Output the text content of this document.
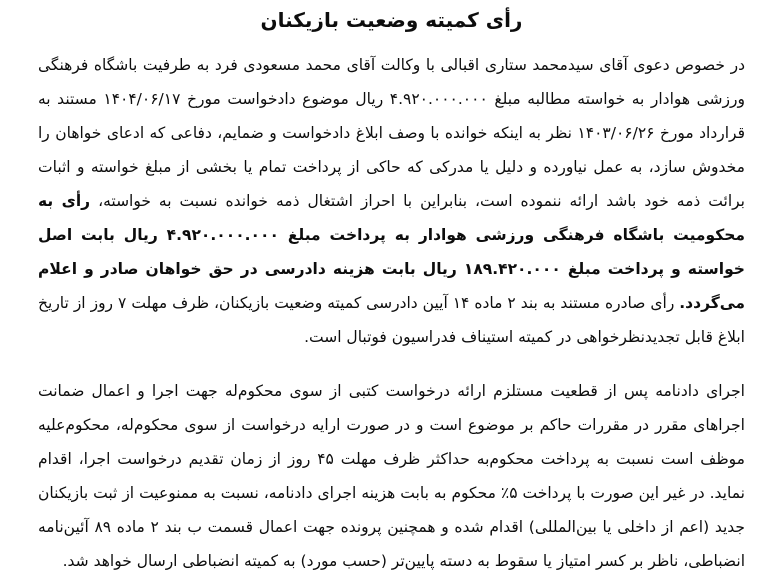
رأی کمیته وضعیت بازیکنان

در خصوص دعوی آقای سیدمحمد ستاری اقبالی با وکالت آقای محمد مسعودی فرد به طرفیت باشگاه فرهنگی ورزشی هوادار به خواسته مطالبه مبلغ ۴.۹۲۰.۰۰۰.۰۰۰ ریال موضوع دادخواست مورخ ۱۴۰۴/۰۶/۱۷ مستند به قرارداد مورخ ۱۴۰۳/۰۶/۲۶ نظر به اینکه خوانده با وصف ابلاغ دادخواست و ضمایم، دفاعی که ادعای خواهان را مخدوش سازد، به عمل نیاورده و دلیل یا مدرکی که حاکی از پرداخت تمام یا بخشی از مبلغ خواسته و اثبات برائت ذمه خود باشد ارائه ننموده است، بنابراین با احراز اشتغال ذمه خوانده نسبت به خواسته، رأی به محکومیت باشگاه فرهنگی ورزشی هوادار به پرداخت مبلغ ۴.۹۲۰.۰۰۰.۰۰۰ ریال بابت اصل خواسته و پرداخت مبلغ ۱۸۹.۴۲۰.۰۰۰ ریال بابت هزینه دادرسی در حق خواهان صادر و اعلام می‌گردد. رأی صادره مستند به بند ۲ ماده ۱۴ آیین دادرسی کمیته وضعیت بازیکنان، ظرف مهلت ۷ روز از تاریخ ابلاغ قابل تجدیدنظرخواهی در کمیته استیناف فدراسیون فوتبال است.

اجرای دادنامه پس از قطعیت مستلزم ارائه درخواست کتبی از سوی محکوم‌له جهت اجرا و اعمال ضمانت اجراهای مقرر در مقررات حاکم بر موضوع است و در صورت ارایه درخواست از سوی محکوم‌له، محکوم‌علیه موظف است نسبت به پرداخت محکوم‌به حداکثر ظرف مهلت ۴۵ روز از زمان تقدیم درخواست اجرا، اقدام نماید. در غیر این صورت با پرداخت ۵٪ محکوم به بابت هزینه اجرای دادنامه، نسبت به ممنوعیت از ثبت بازیکنان جدید (اعم از داخلی یا بین‌المللی) اقدام شده و همچنین پرونده جهت اعمال قسمت ب بند ۲ ماده ۸۹ آئین‌نامه انضباطی، ناظر بر کسر امتیاز یا سقوط به دسته پایین‌تر (حسب مورد) به کمیته انضباطی ارسال خواهد شد.
